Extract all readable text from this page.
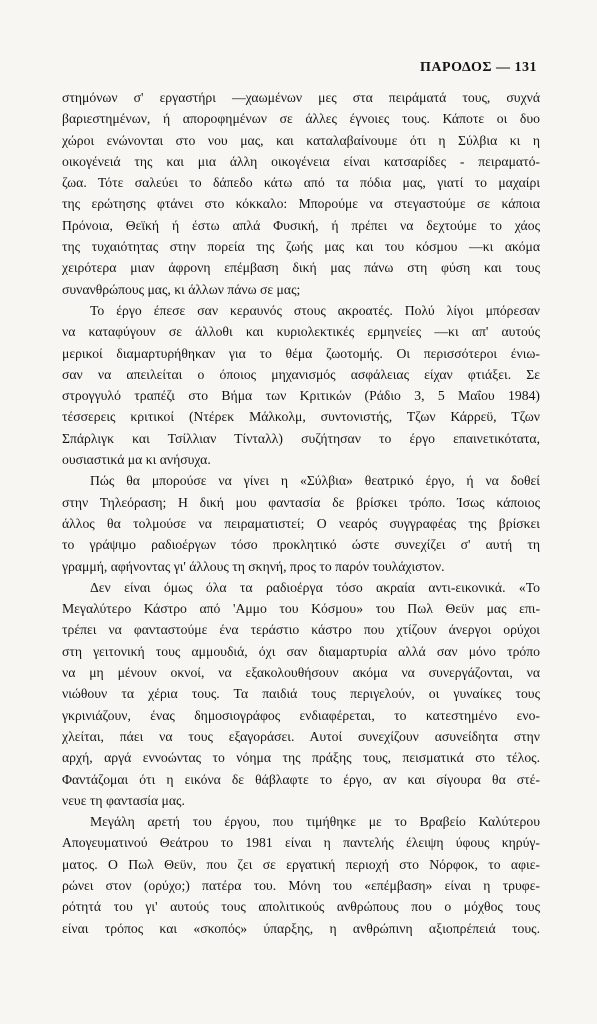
ΠΑΡΟΔΟΣ — 131
στημόνων σ' εργαστήρι —χαωμένων μες στα πειράματά τους, συχνά
βαριεστημένων, ή αποροφημένων σε άλλες έγνοιες τους. Κάποτε οι δυο
χώροι ενώνονται στο νου μας, και καταλαβαίνουμε ότι η Σύλβια κι η
οικογένειά της και μια άλλη οικογένεια είναι κατσαρίδες - πειραματό-
ζωα. Τότε σαλεύει το δάπεδο κάτω από τα πόδια μας, γιατί το μαχαίρι
της ερώτησης φτάνει στο κόκκαλο: Μπορούμε να στεγαστούμε σε κάποια
Πρόνοια, Θεϊκή ή έστω απλά Φυσική, ή πρέπει να δεχτούμε το χάος
της τυχαιότητας στην πορεία της ζωής μας και του κόσμου —κι ακόμα
χειρότερα μιαν άφρονη επέμβαση δική μας πάνω στη φύση και τους
συνανθρώπους μας, κι άλλων πάνω σε μας;
Το έργο έπεσε σαν κεραυνός στους ακροατές. Πολύ λίγοι μπόρεσαν
να καταφύγουν σε άλλοθι και κυριολεκτικές ερμηνείες —κι απ' αυτούς
μερικοί διαμαρτυρήθηκαν για το θέμα ζωοτομής. Οι περισσότεροι ένιω-
σαν να απειλείται ο όποιος μηχανισμός ασφάλειας είχαν φτιάξει. Σε
στρογγυλό τραπέζι στο Βήμα των Κριτικών (Ράδιο 3, 5 Μαΐου 1984)
τέσσερεις κριτικοί (Ντέρεκ Μάλκολμ, συντονιστής, Τζων Κάρρεϋ, Τζων
Σπάρλιγκ και Τσίλλιαν Τίνταλλ) συζήτησαν το έργο επαινετικότατα,
ουσιαστικά μα κι ανήσυχα.
Πώς θα μπορούσε να γίνει η «Σύλβια» θεατρικό έργο, ή να δοθεί
στην Τηλεόραση; Η δική μου φαντασία δε βρίσκει τρόπο. Ίσως κάποιος
άλλος θα τολμούσε να πειραματιστεί; Ο νεαρός συγγραφέας της βρίσκει
το γράψιμο ραδιοέργων τόσο προκλητικό ώστε συνεχίζει σ' αυτή τη
γραμμή, αφήνοντας γι' άλλους τη σκηνή, προς το παρόν τουλάχιστον.
Δεν είναι όμως όλα τα ραδιοέργα τόσο ακραία αντι-εικονικά. «Το
Μεγαλύτερο Κάστρο από 'Αμμο του Κόσμου» του Πωλ Θεϋν μας επι-
τρέπει να φανταστούμε ένα τεράστιο κάστρο που χτίζουν άνεργοι ορύχοι
στη γειτονική τους αμμουδιά, όχι σαν διαμαρτυρία αλλά σαν μόνο τρόπο
να μη μένουν οκνοί, να εξακολουθήσουν ακόμα να συνεργάζονται, να
νιώθουν τα χέρια τους. Τα παιδιά τους περιγελούν, οι γυναίκες τους
γκρινιάζουν, ένας δημοσιογράφος ενδιαφέρεται, το κατεστημένο ενο-
χλείται, πάει να τους εξαγοράσει. Αυτοί συνεχίζουν ασυνείδητα στην
αρχή, αργά εννοώντας το νόημα της πράξης τους, πεισματικά στο τέλος.
Φαντάζομαι ότι η εικόνα δε θάβλαφτε το έργο, αν και σίγουρα θα στέ-
νευε τη φαντασία μας.
Μεγάλη αρετή του έργου, που τιμήθηκε με το Βραβείο Καλύτερου
Απογευματινού Θεάτρου το 1981 είναι η παντελής έλειψη ύφους κηρύγ-
ματος. Ο Πωλ Θεϋν, που ζει σε εργατική περιοχή στο Νόρφοκ, το αφιε-
ρώνει στον (ορύχο;) πατέρα του. Μόνη του «επέμβαση» είναι η τρυφε-
ρότητά του γι' αυτούς τους απολιτικούς ανθρώπους που ο μόχθος τους
είναι τρόπος και «σκοπός» ύπαρξης, η ανθρώπινη αξιοπρέπειά τους.
